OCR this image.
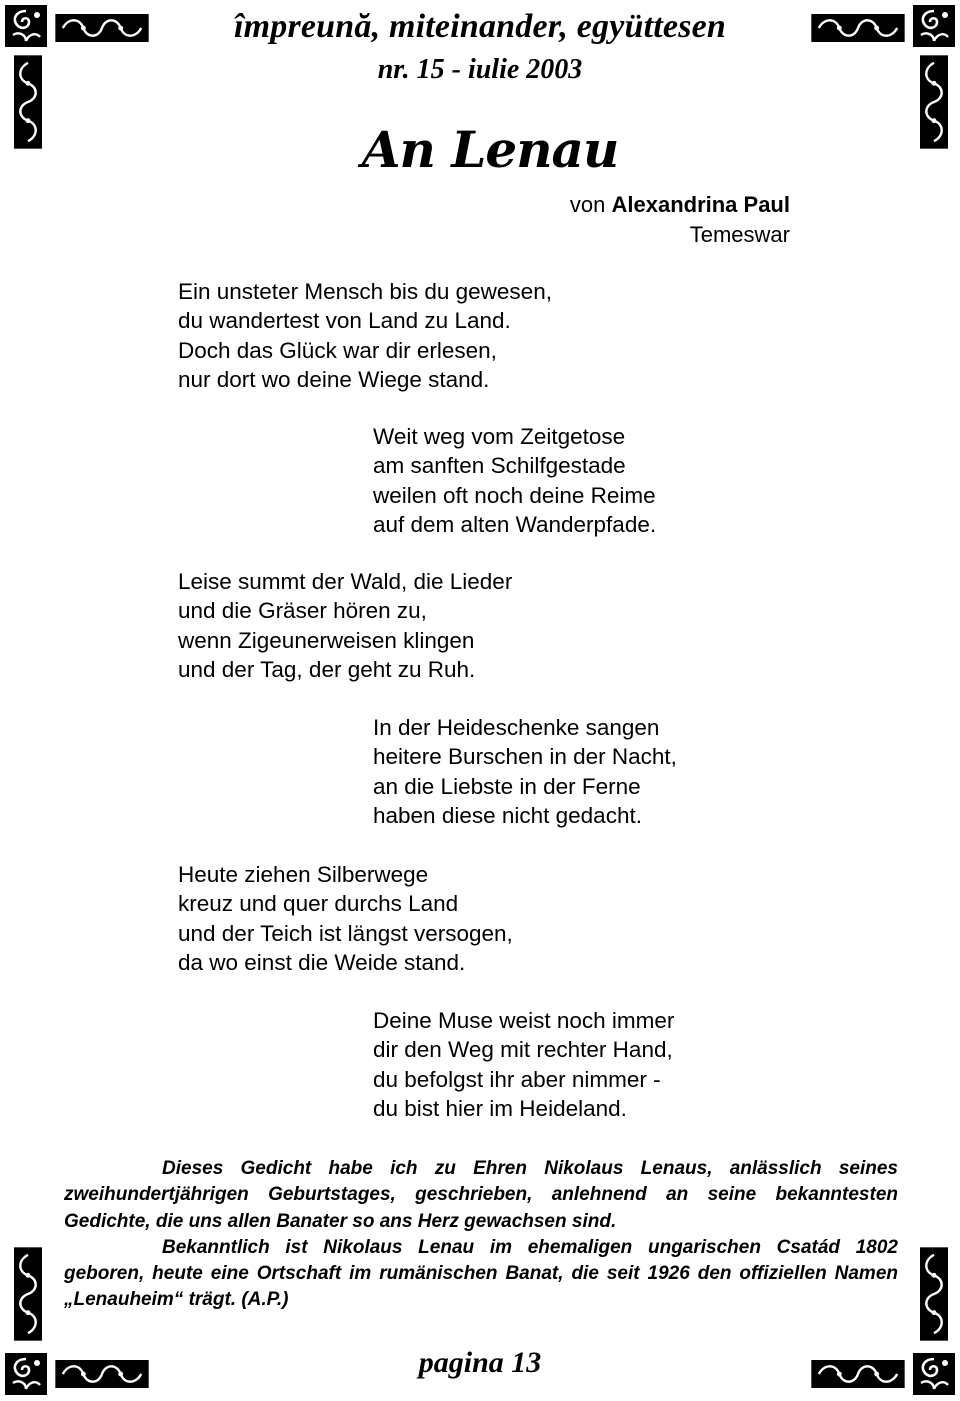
împreună, miteinander, együttesen
nr. 15 - iulie 2003
An Lenau
von Alexandrina Paul
Temeswar
Ein unsteter Mensch bis du gewesen,
du wandertest von Land zu Land.
Doch das Glück war dir erlesen,
nur dort wo deine Wiege stand.
Weit weg vom Zeitgetose
am sanften Schilfgestade
weilen oft noch deine Reime
auf dem alten Wanderpfade.
Leise summt der Wald, die Lieder
und die Gräser hören zu,
wenn Zigeunerweisen klingen
und der Tag, der geht zu Ruh.
In der Heideschenke sangen
heitere Burschen in der Nacht,
an die Liebste in der Ferne
haben diese nicht gedacht.
Heute ziehen Silberwege
kreuz und quer durchs Land
und der Teich ist längst versogen,
da wo einst die Weide stand.
Deine Muse weist noch immer
dir den Weg mit rechter Hand,
du befolgst ihr aber nimmer -
du bist hier im Heideland.

Dieses Gedicht habe ich zu Ehren Nikolaus Lenaus, anlässlich seines zweihundertjährigen Geburtstages, geschrieben, anlehnend an seine bekanntesten Gedichte, die uns allen Banater so ans Herz gewachsen sind.

Bekanntlich ist Nikolaus Lenau im ehemaligen ungarischen Csatád 1802 geboren, heute eine Ortschaft im rumänischen Banat, die seit 1926 den offiziellen Namen „Lenauheim“ trägt. (A.P.)

pagina 13
